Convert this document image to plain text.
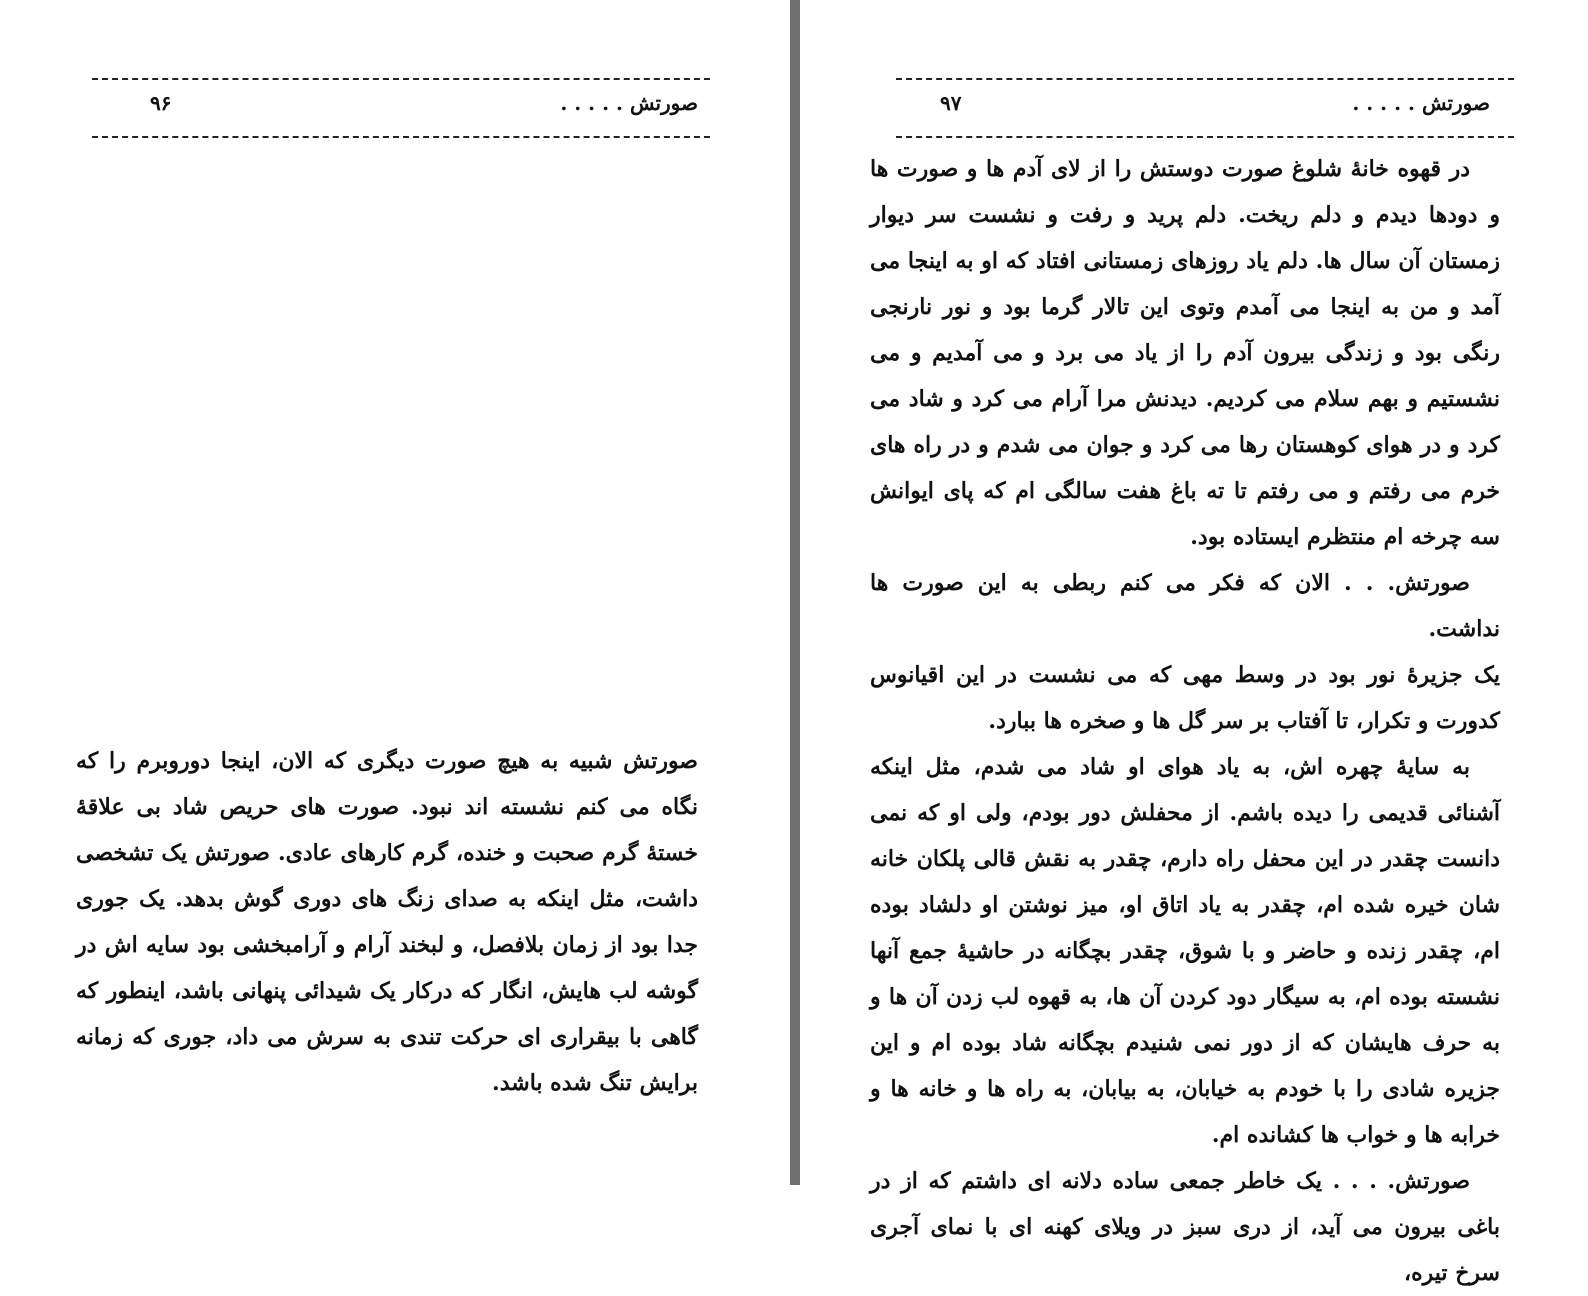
صورتش . . . . .
۹۶

صورتش شبیه به هیچ صورت دیگری که الان، اینجا دوروبرم را که نگاه می کنم نشسته اند نبود. صورت های حریص شاد بی علاقهٔ خستهٔ گرم صحبت و خنده، گرم کارهای عادی. صورتش یک تشخصی داشت، مثل اینکه به صدای زنگ های دوری گوش بدهد. یک جوری جدا بود از زمان بلافصل، و لبخند آرام و آرامبخشی بود سایه اش در گوشه لب هایش، انگار که درکار یک شیدائی پنهانی باشد، اینطور که گاهی با بیقراری ای حرکت تندی به سرش می داد، جوری که زمانه برایش تنگ شده باشد.

صورتش . . . . .
۹۷

در قهوه خانهٔ شلوغ صورت دوستش را از لای آدم ها و صورت ها و دودها دیدم و دلم ریخت. دلم پرید و رفت و نشست سر دیوار زمستان آن سال ها. دلم یاد روزهای زمستانی افتاد که او به اینجا می آمد و من به اینجا می آمدم وتوی این تالار گرما بود و نور نارنجی رنگی بود و زندگی بیرون آدم را از یاد می برد و می آمدیم و می نشستیم و بهم سلام می کردیم. دیدنش مرا آرام می کرد و شاد می کرد و در هوای کوهستان رها می کرد و جوان می شدم و در راه های خرم می رفتم و می رفتم تا ته باغ هفت سالگی ام که پای ایوانش سه چرخه ام منتظرم ایستاده بود.

صورتش. . . الان که فکر می کنم ربطی به این صورت ها نداشت.

یک جزیرهٔ نور بود در وسط مهی که می نشست در این اقیانوس کدورت و تکرار، تا آفتاب بر سر گل ها و صخره ها ببارد.

به سایهٔ چهره اش، به یاد هوای او شاد می شدم، مثل اینکه آشنائی قدیمی را دیده باشم. از محفلش دور بودم، ولی او که نمی دانست چقدر در این محفل راه دارم، چقدر به نقش قالی پلکان خانه شان خیره شده ام، چقدر به یاد اتاق او، میز نوشتن او دلشاد بوده ام، چقدر زنده و حاضر و با شوق، چقدر بچگانه در حاشیهٔ جمع آنها نشسته بوده ام، به سیگار دود کردن آن ها، به قهوه لب زدن آن ها و به حرف هایشان که از دور نمی شنیدم بچگانه شاد بوده ام و این جزیره شادی را با خودم به خیابان، به بیابان، به راه ها و خانه ها و خرابه ها و خواب ها کشانده ام.

صورتش. . . . یک خاطر جمعی ساده دلانه ای داشتم که از در باغی بیرون می آید، از دری سبز در ویلای کهنه ای با نمای آجری سرخ تیره،
